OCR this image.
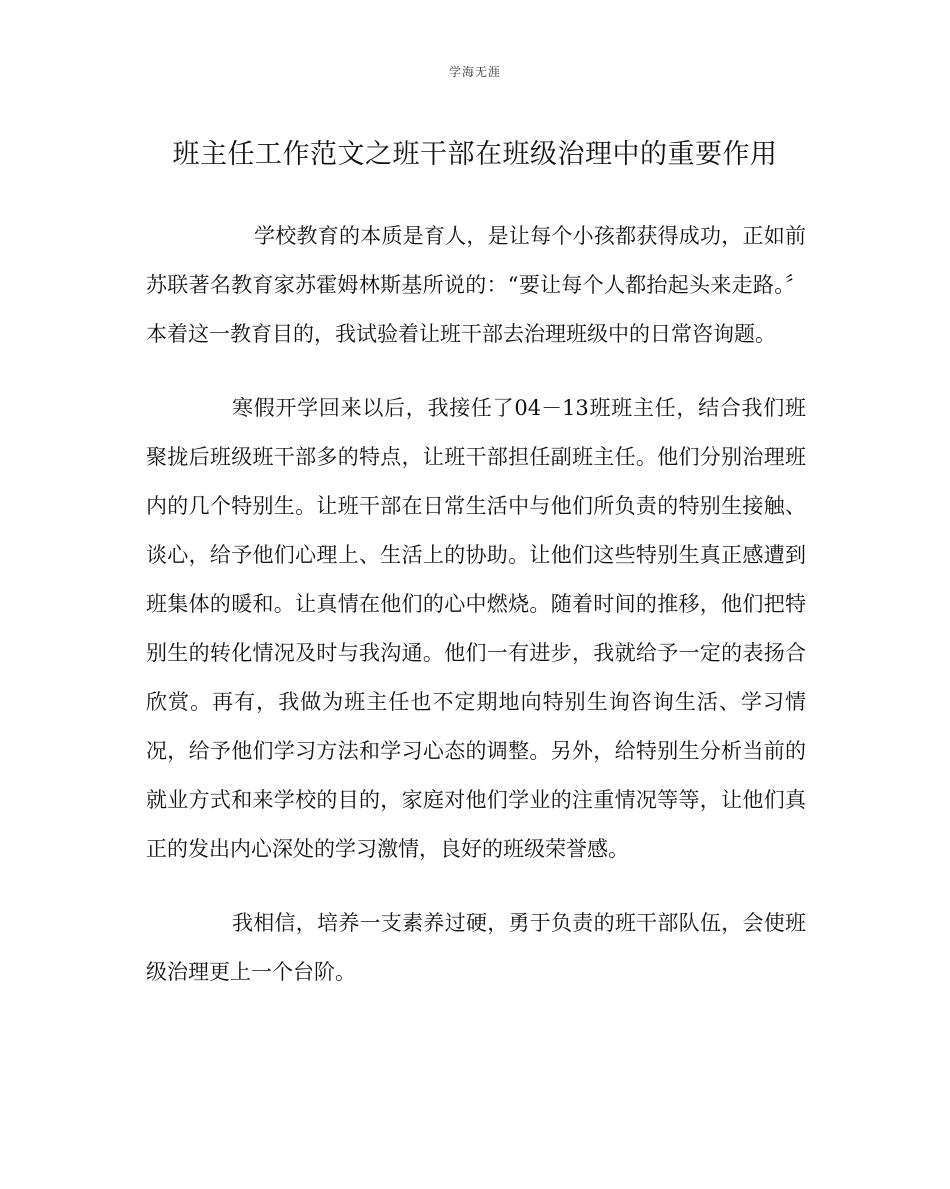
学海无涯
班主任工作范文之班干部在班级治理中的重要作用

学校教育的本质是育人，是让每个小孩都获得成功，正如前苏联著名教育家苏霍姆林斯基所说的：“要让每个人都抬起头来走路。〞本着这一教育目的，我试验着让班干部去治理班级中的日常咨询题。

寒假开学回来以后，我接任了04－13班班主任，结合我们班聚拢后班级班干部多的特点，让班干部担任副班主任。他们分别治理班内的几个特别生。让班干部在日常生活中与他们所负责的特别生接触、谈心，给予他们心理上、生活上的协助。让他们这些特别生真正感遭到班集体的暖和。让真情在他们的心中燃烧。随着时间的推移，他们把特别生的转化情况及时与我沟通。他们一有进步，我就给予一定的表扬合欣赏。再有，我做为班主任也不定期地向特别生询咨询生活、学习情况，给予他们学习方法和学习心态的调整。另外，给特别生分析当前的就业方式和来学校的目的，家庭对他们学业的注重情况等等，让他们真正的发出内心深处的学习激情，良好的班级荣誉感。

我相信，培养一支素养过硬，勇于负责的班干部队伍，会使班级治理更上一个台阶。
